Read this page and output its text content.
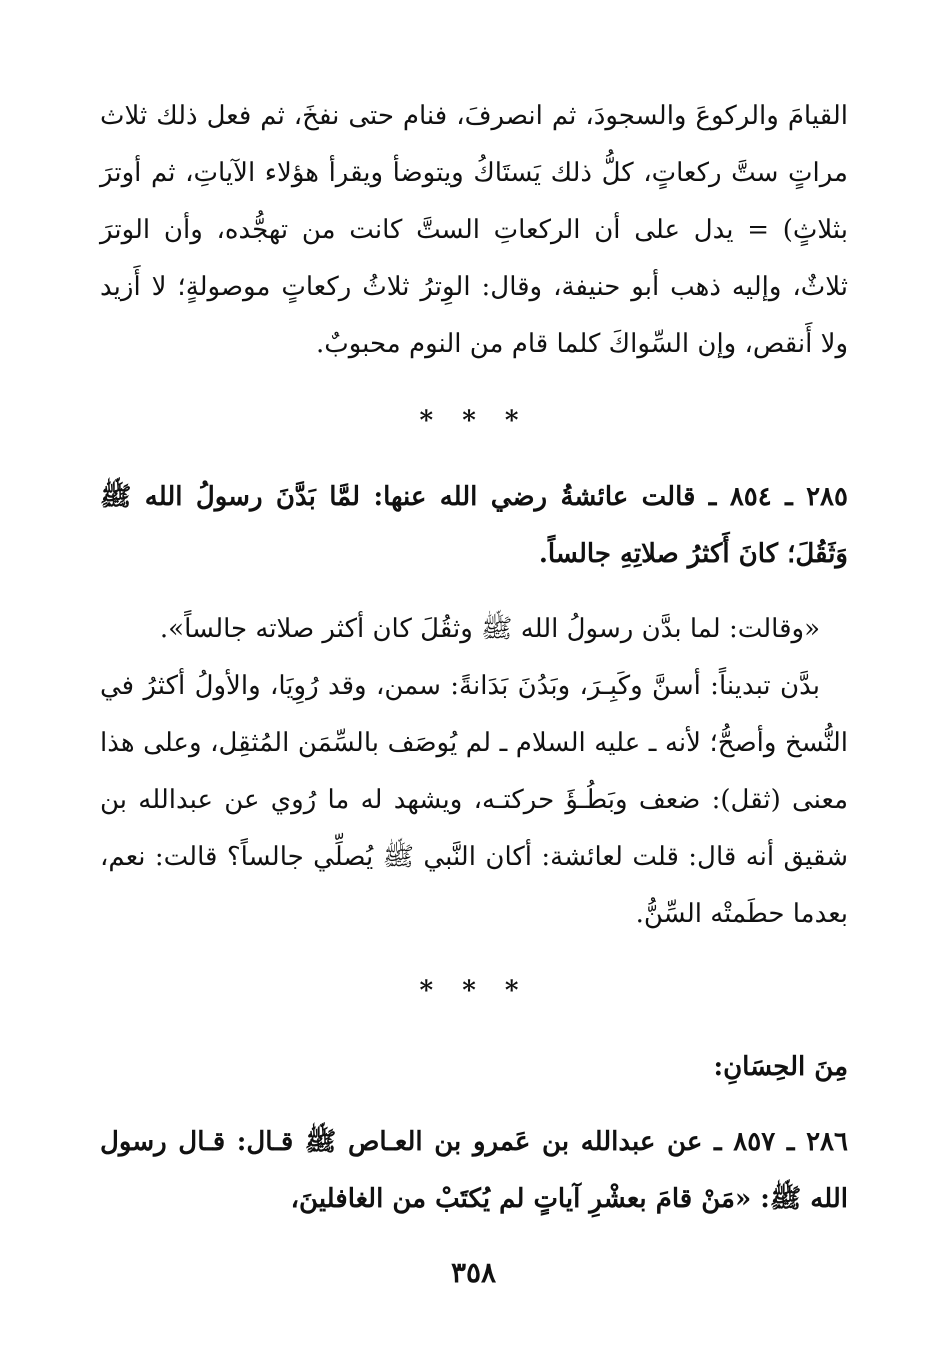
القيامَ والركوعَ والسجودَ، ثم انصرفَ، فنام حتى نفخَ، ثم فعل ذلك ثلاث مراتٍ ستَّ ركعاتٍ، كلُّ ذلك يَستَاكُ ويتوضأ ويقرأ هؤلاء الآياتِ، ثم أوترَ بثلاثٍ) = يدل على أن الركعاتِ الستَّ كانت من تهجُّده، وأن الوترَ ثلاثٌ، وإليه ذهب أبو حنيفة، وقال: الوِترُ ثلاثُ ركعاتٍ موصولةٍ؛ لا أَزيد ولا أَنقص، وإن السِّواكَ كلما قام من النوم محبوبٌ.

* * *

٢٨٥ ـ ٨٥٤ ـ قالت عائشةُ رضي الله عنها: لمَّا بَدَّنَ رسولُ الله ﷺ وَثَقُلَ؛ كانَ أَكثرُ صلاتِهِ جالساً.

«وقالت: لما بدَّن رسولُ الله ﷺ وثقُلَ كان أكثر صلاته جالساً».

بدَّن تبديناً: أسنَّ وكَبِـرَ، وبَدُنَ بَدَانةً: سمن، وقد رُوِيَا، والأولُ أكثرُ في النُّسخ وأصحُّ؛ لأنه ـ عليه السلام ـ لم يُوصَف بالسِّمَن المُثقِل، وعلى هذا معنى (ثقل): ضعف وبَطُـؤَ حركتـه، ويشهد له ما رُوي عن عبدالله بن شقيق أنه قال: قلت لعائشة: أكان النَّبي ﷺ يُصلِّي جالساً؟ قالت: نعم، بعدما حطَمتْه السِّنُّ.

* * *

مِنَ الحِسَانِ:

٢٨٦ ـ ٨٥٧ ـ عن عبدالله بن عَمرو بن العـاص ﷺ قـال: قـال رسول الله ﷺ: «مَنْ قامَ بعشْرِ آياتٍ لم يُكتَبْ من الغافلينَ،

٣٥٨
